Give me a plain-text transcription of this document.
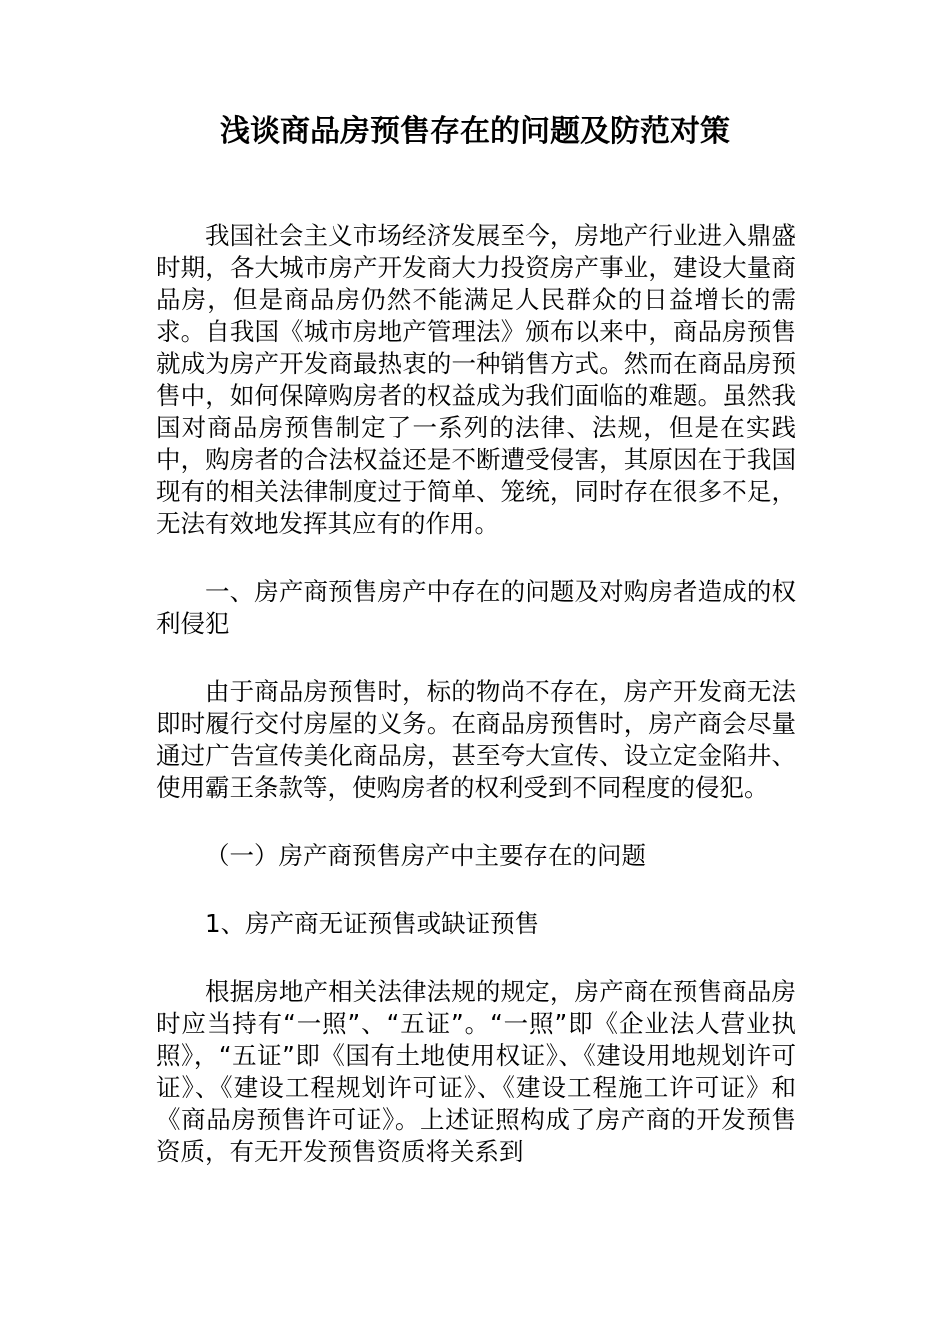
浅谈商品房预售存在的问题及防范对策

我国社会主义市场经济发展至今，房地产行业进入鼎盛时期，各大城市房产开发商大力投资房产事业，建设大量商品房，但是商品房仍然不能满足人民群众的日益增长的需求。自我国《城市房地产管理法》颁布以来中，商品房预售就成为房产开发商最热衷的一种销售方式。然而在商品房预售中，如何保障购房者的权益成为我们面临的难题。虽然我国对商品房预售制定了一系列的法律、法规，但是在实践中，购房者的合法权益还是不断遭受侵害，其原因在于我国现有的相关法律制度过于简单、笼统，同时存在很多不足，无法有效地发挥其应有的作用。

一、房产商预售房产中存在的问题及对购房者造成的权利侵犯

由于商品房预售时，标的物尚不存在，房产开发商无法即时履行交付房屋的义务。在商品房预售时，房产商会尽量通过广告宣传美化商品房，甚至夸大宣传、设立定金陷井、使用霸王条款等，使购房者的权利受到不同程度的侵犯。

（一）房产商预售房产中主要存在的问题

1、房产商无证预售或缺证预售

根据房地产相关法律法规的规定，房产商在预售商品房时应当持有“一照”、“五证”。“一照”即《企业法人营业执照》，“五证”即《国有土地使用权证》、《建设用地规划许可证》、《建设工程规划许可证》、《建设工程施工许可证》和《商品房预售许可证》。上述证照构成了房产商的开发预售资质，有无开发预售资质将关系到
